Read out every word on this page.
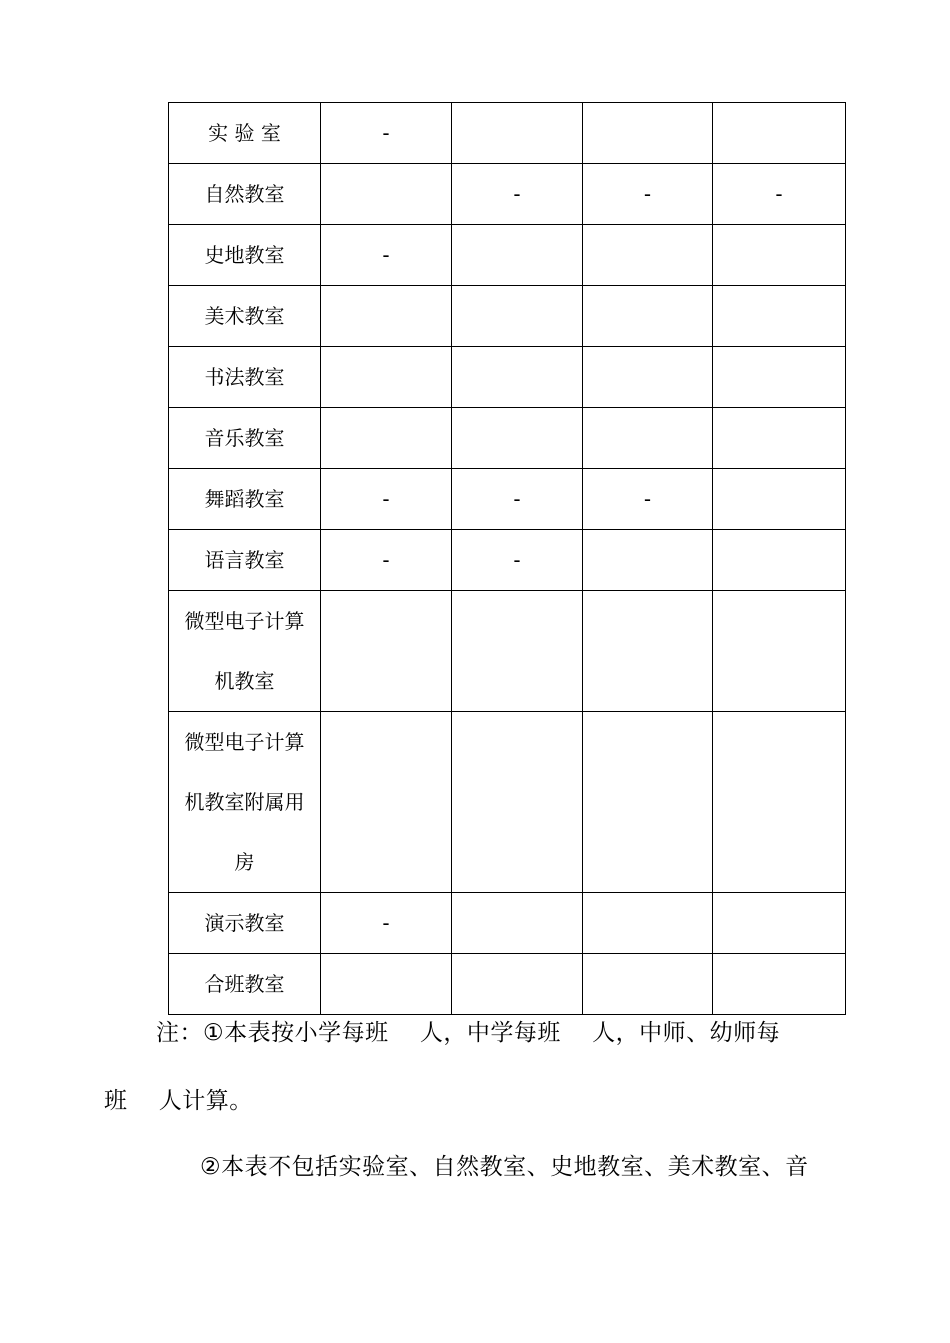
实 验 室	-			

自然教室		-	-	-

史地教室	-			

美术教室				

书法教室				

音乐教室				

舞蹈教室	-	-	-	

语言教室	-	-		

微型电子计算
机教室				

微型电子计算
机教室附属用
房				

演示教室	-			

合班教室				

注：①本表按小学每班    人，中学每班    人，中师、幼师每
班    人计算。
②本表不包括实验室、自然教室、史地教室、美术教室、音
